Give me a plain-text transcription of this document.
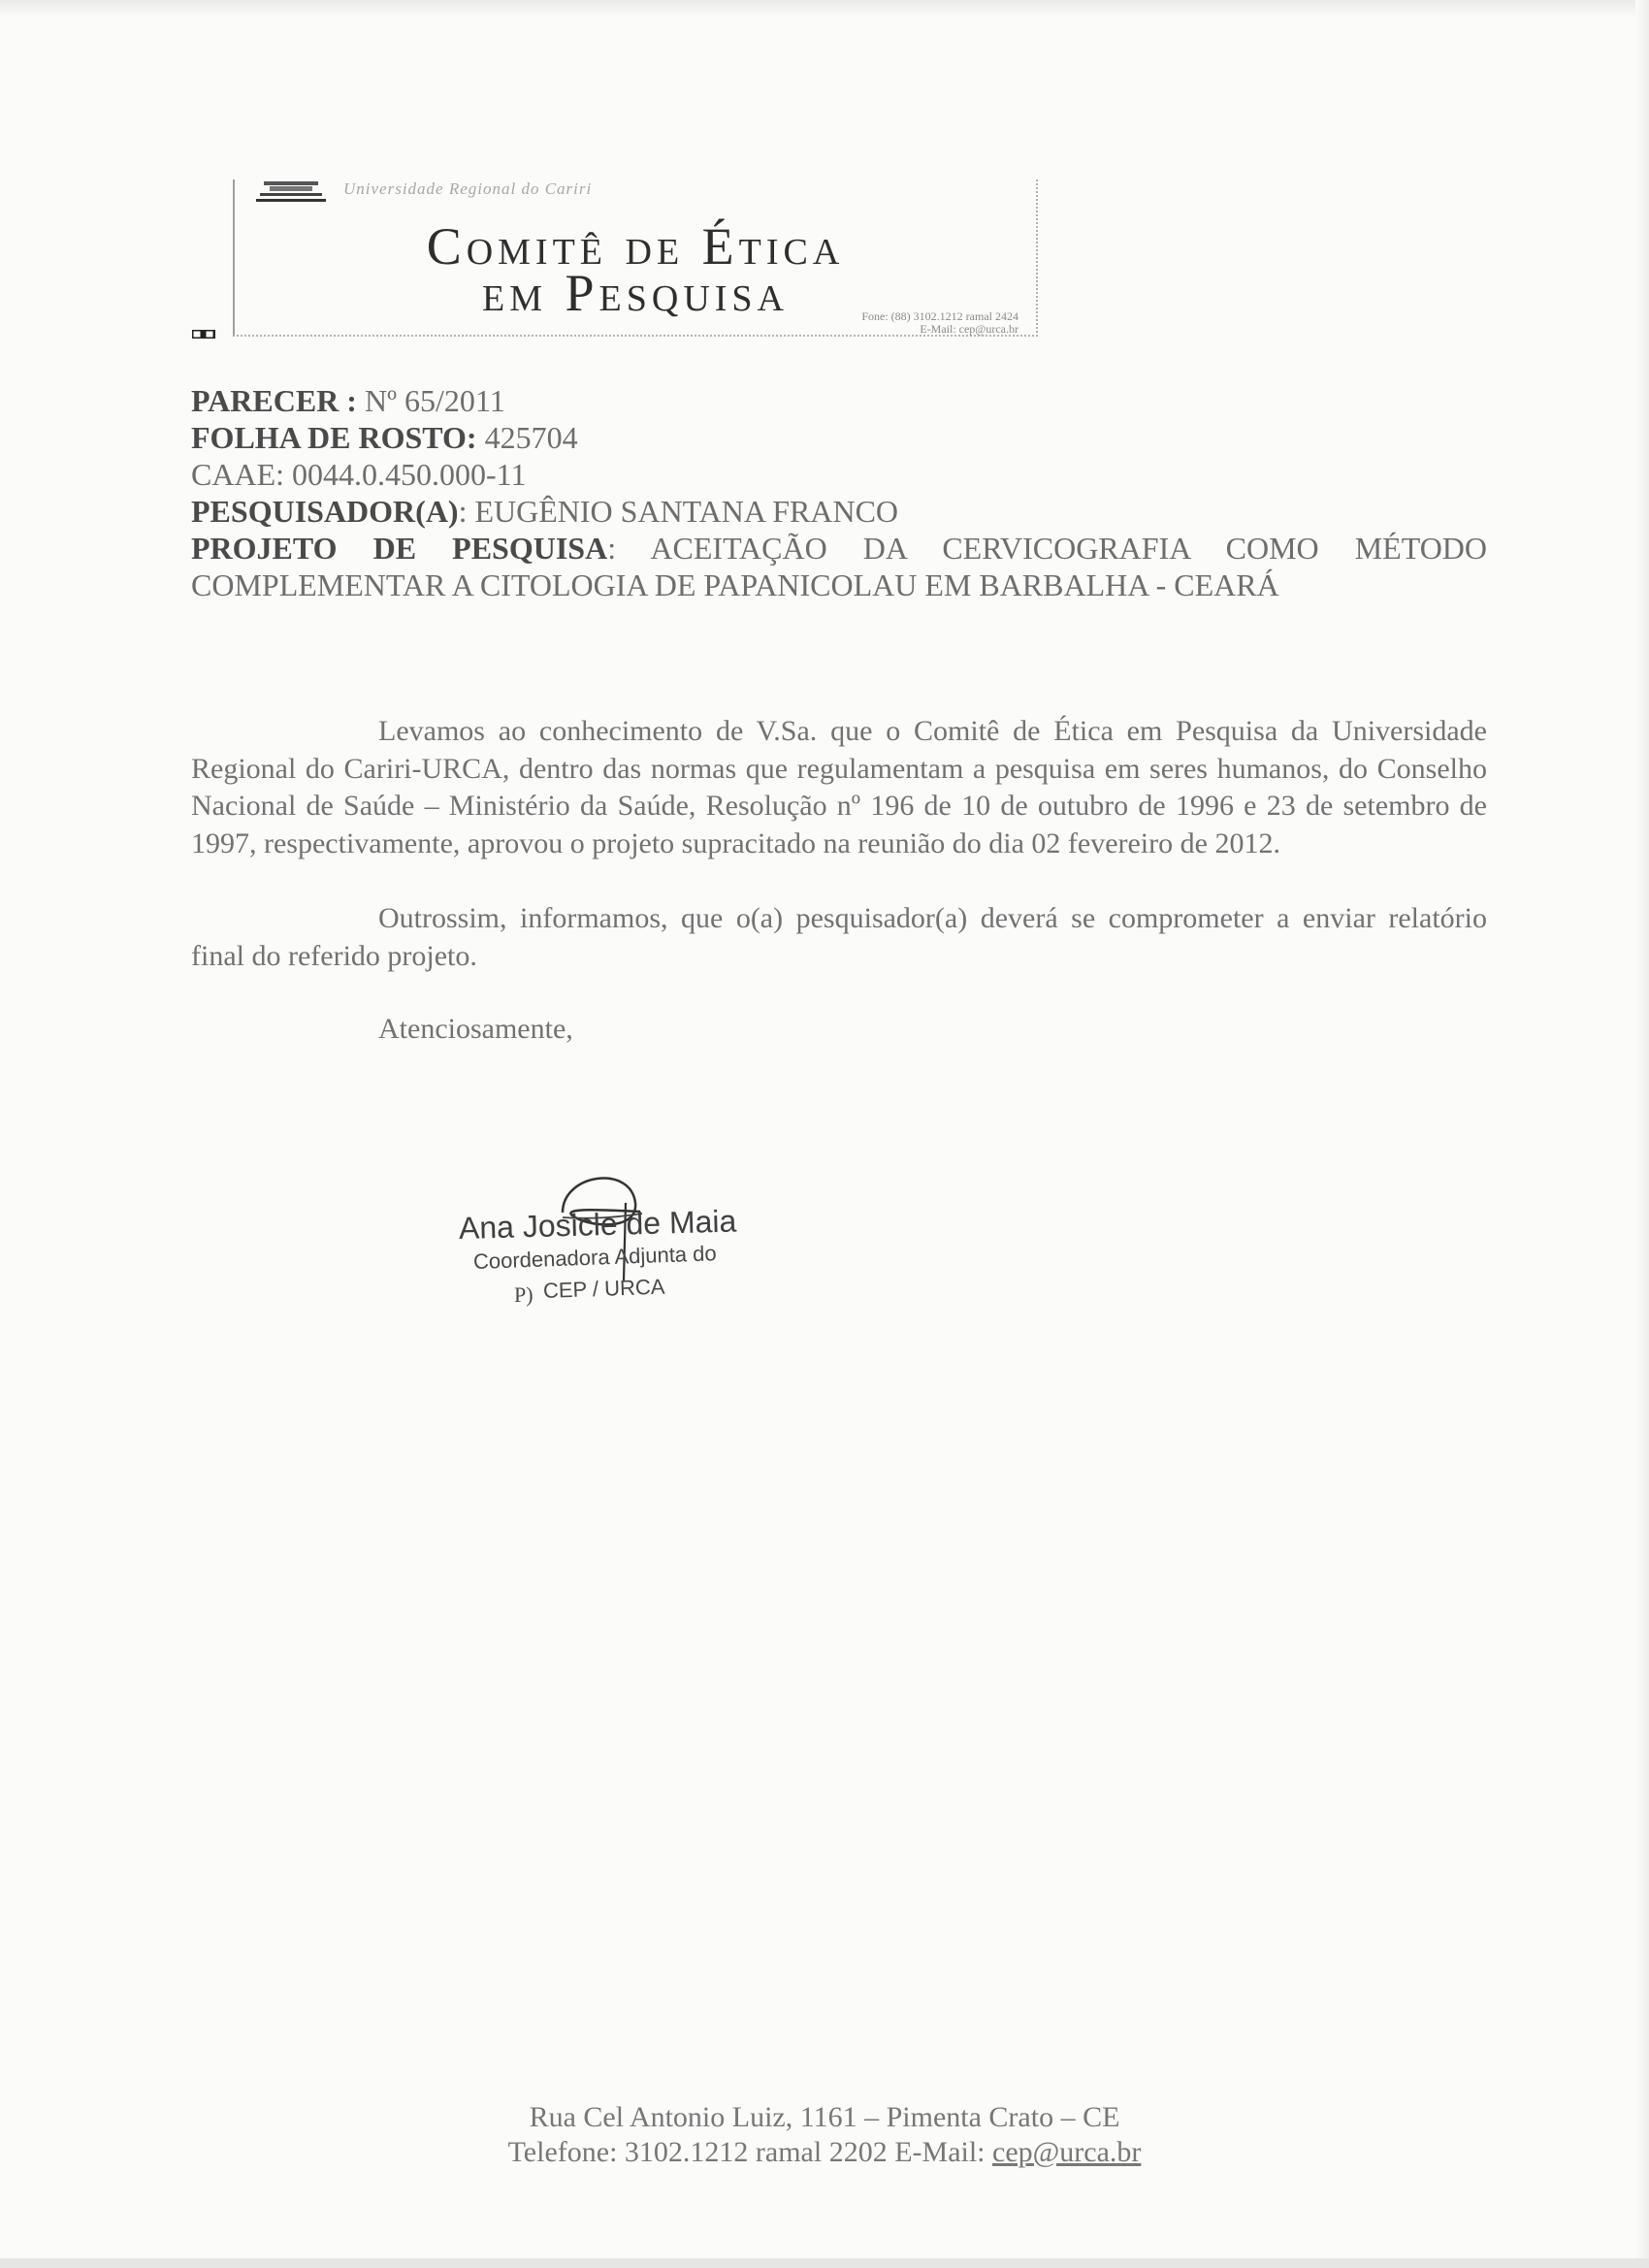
Universidade Regional do Cariri
Comitê de Ética
em Pesquisa	Fone: (88) 3102.1212 ramal 2424
E-Mail: cep@urca.br
PARECER : Nº 65/2011
FOLHA DE ROSTO: 425704
CAAE: 0044.0.450.000-11
PESQUISADOR(A): EUGÊNIO SANTANA FRANCO
PROJETO DE PESQUISA: ACEITAÇÃO DA CERVICOGRAFIA COMO MÉTODO
COMPLEMENTAR A CITOLOGIA DE PAPANICOLAU EM BARBALHA - CEARÁ

Levamos ao conhecimento de V.Sa. que o Comitê de Ética em Pesquisa da Universidade Regional do Cariri-URCA, dentro das normas que regulamentam a pesquisa em seres humanos, do Conselho Nacional de Saúde – Ministério da Saúde, Resolução nº 196 de 10 de outubro de 1996 e 23 de setembro de 1997, respectivamente, aprovou o projeto supracitado na reunião do dia 02 fevereiro de 2012.

Outrossim, informamos, que o(a) pesquisador(a) deverá se comprometer a enviar relatório final do referido projeto.

Atenciosamente,

Ana Josicle de Maia
Coordenadora Adjunta do
P) CEP / URCA
Rua Cel Antonio Luiz, 1161 – Pimenta Crato – CE
Telefone: 3102.1212 ramal 2202 E-Mail: cep@urca.br
